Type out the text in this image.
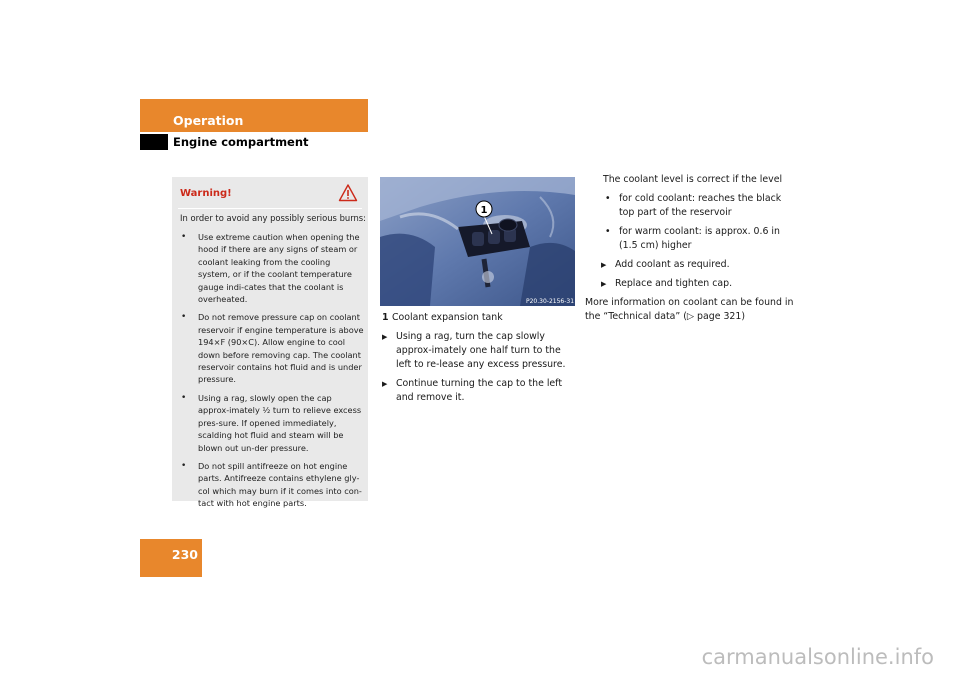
Operation
Engine compartment
Warning!
In order to avoid any possibly serious burns:
• Use extreme caution when opening the hood if there are any signs of steam or coolant leaking from the cooling system, or if the coolant temperature gauge indi-cates that the coolant is overheated.
• Do not remove pressure cap on coolant reservoir if engine temperature is above 194×F (90×C). Allow engine to cool down before removing cap. The coolant reservoir contains hot fluid and is under pressure.
• Using a rag, slowly open the cap approx-imately ½ turn to relieve excess pres-sure. If opened immediately, scalding hot fluid and steam will be blown out un-der pressure.
• Do not spill antifreeze on hot engine parts. Antifreeze contains ethylene gly-col which may burn if it comes into con-tact with hot engine parts.
1
P20.30-2156-31
1 Coolant expansion tank
▶ Using a rag, turn the cap slowly approx-imately one half turn to the left to re-lease any excess pressure.
▶ Continue turning the cap to the left and remove it.
The coolant level is correct if the level
• for cold coolant: reaches the black top part of the reservoir
• for warm coolant: is approx. 0.6 in (1.5 cm) higher
▶ Add coolant as required.
▶ Replace and tighten cap.
More information on coolant can be found in the “Technical data” (▷ page 321)
230
carmanualsonline.info
